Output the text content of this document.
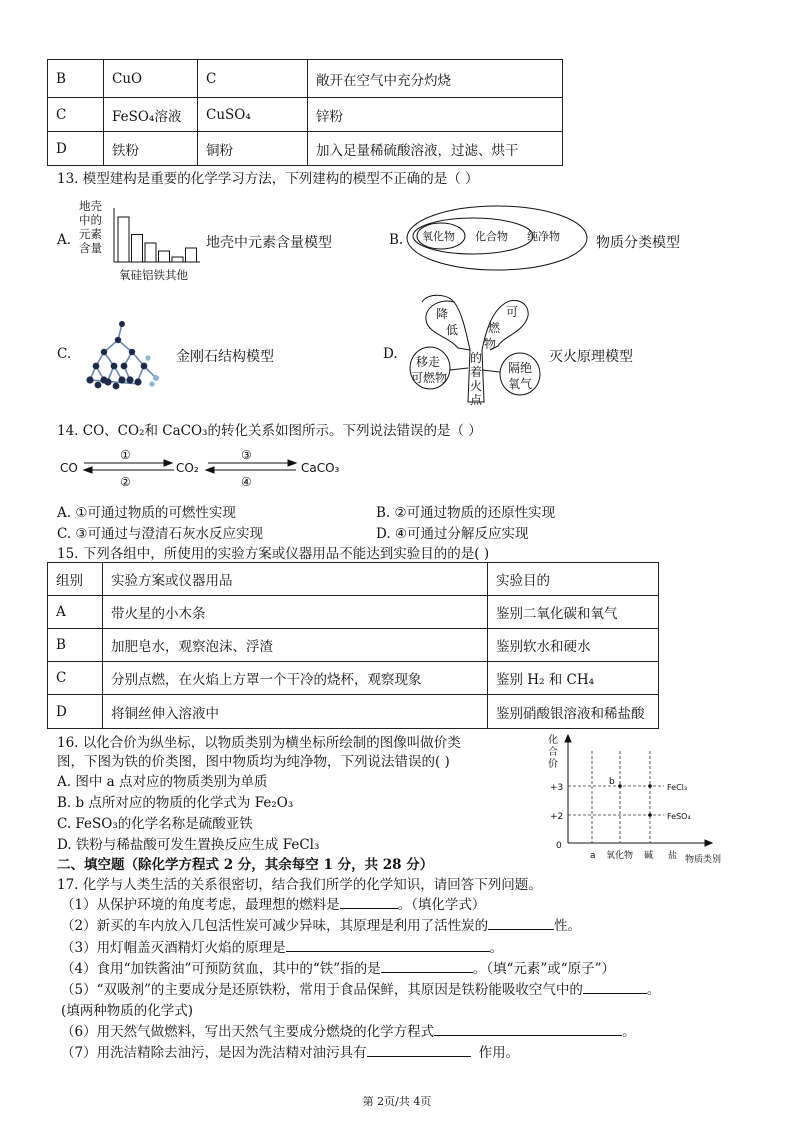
B	CuO	C	敞开在空气中充分灼烧
C	FeSO₄溶液	CuSO₄	锌粉
D	铁粉	铜粉	加入足量稀硫酸溶液，过滤、烘干
13. 模型建构是重要的化学学习方法，下列建构的模型不正确的是（ ）
A.
地壳
中的
元素
含量
氧硅铝铁其他
地壳中元素含量模型	B. 氧化物 化合物 纯净物	物质分类模型
C.	金刚石结构模型	D.
降
低
可
燃
物
的
着
火
点
移走
可燃物
隔绝
氧气
灭火原理模型
14. CO、CO₂和 CaCO₃的转化关系如图所示。下列说法错误的是（ ）
CO	CO₂	CaCO₃
①
②
③
④
A. ①可通过物质的可燃性实现	B. ②可通过物质的还原性实现
C. ③可通过与澄清石灰水反应实现	D. ④可通过分解反应实现
15. 下列各组中，所使用的实验方案或仪器用品不能达到实验目的的是( )
组别	实验方案或仪器用品	实验目的
A	带火星的小木条	鉴别二氧化碳和氧气
B	加肥皂水，观察泡沫、浮渣	鉴别软水和硬水
C	分别点燃，在火焰上方罩一个干冷的烧杯，观察现象	鉴别 H₂ 和 CH₄
D	将铜丝伸入溶液中	鉴别硝酸银溶液和稀盐酸
16. 以化合价为纵坐标，以物质类别为横坐标所绘制的图像叫做价类
图，下图为铁的价类图，图中物质均为纯净物，下列说法错误的( )
A. 图中 a 点对应的物质类别为单质
B. b 点所对应的物质的化学式为 Fe₂O₃
C. FeSO₃的化学名称是硫酸亚铁
D. 铁粉与稀盐酸可发生置换反应生成 FeCl₃
化
合
价
+3
+2
0
a 氧化物 碱 盐 物质类别
b
FeCl₃
FeSO₄
二、填空题（除化学方程式 2 分，其余每空 1 分，共 28 分）
17. 化学与人类生活的关系很密切，结合我们所学的化学知识，请回答下列问题。
（1）从保护环境的角度考虑，最理想的燃料是	。（填化学式）
（2）新买的车内放入几包活性炭可减少异味，其原理是利用了活性炭的	性。
（3）用灯帽盖灭酒精灯火焰的原理是	。
（4）食用“加铁酱油”可预防贫血，其中的“铁”指的是	。（填“元素”或“原子”）
（5）“双吸剂”的主要成分是还原铁粉，常用于食品保鲜，其原因是铁粉能吸收空气中的	。
(填两种物质的化学式)
（6）用天然气做燃料，写出天然气主要成分燃烧的化学方程式	。
（7）用洗洁精除去油污，是因为洗洁精对油污具有	作用。
第 2页/共 4页
